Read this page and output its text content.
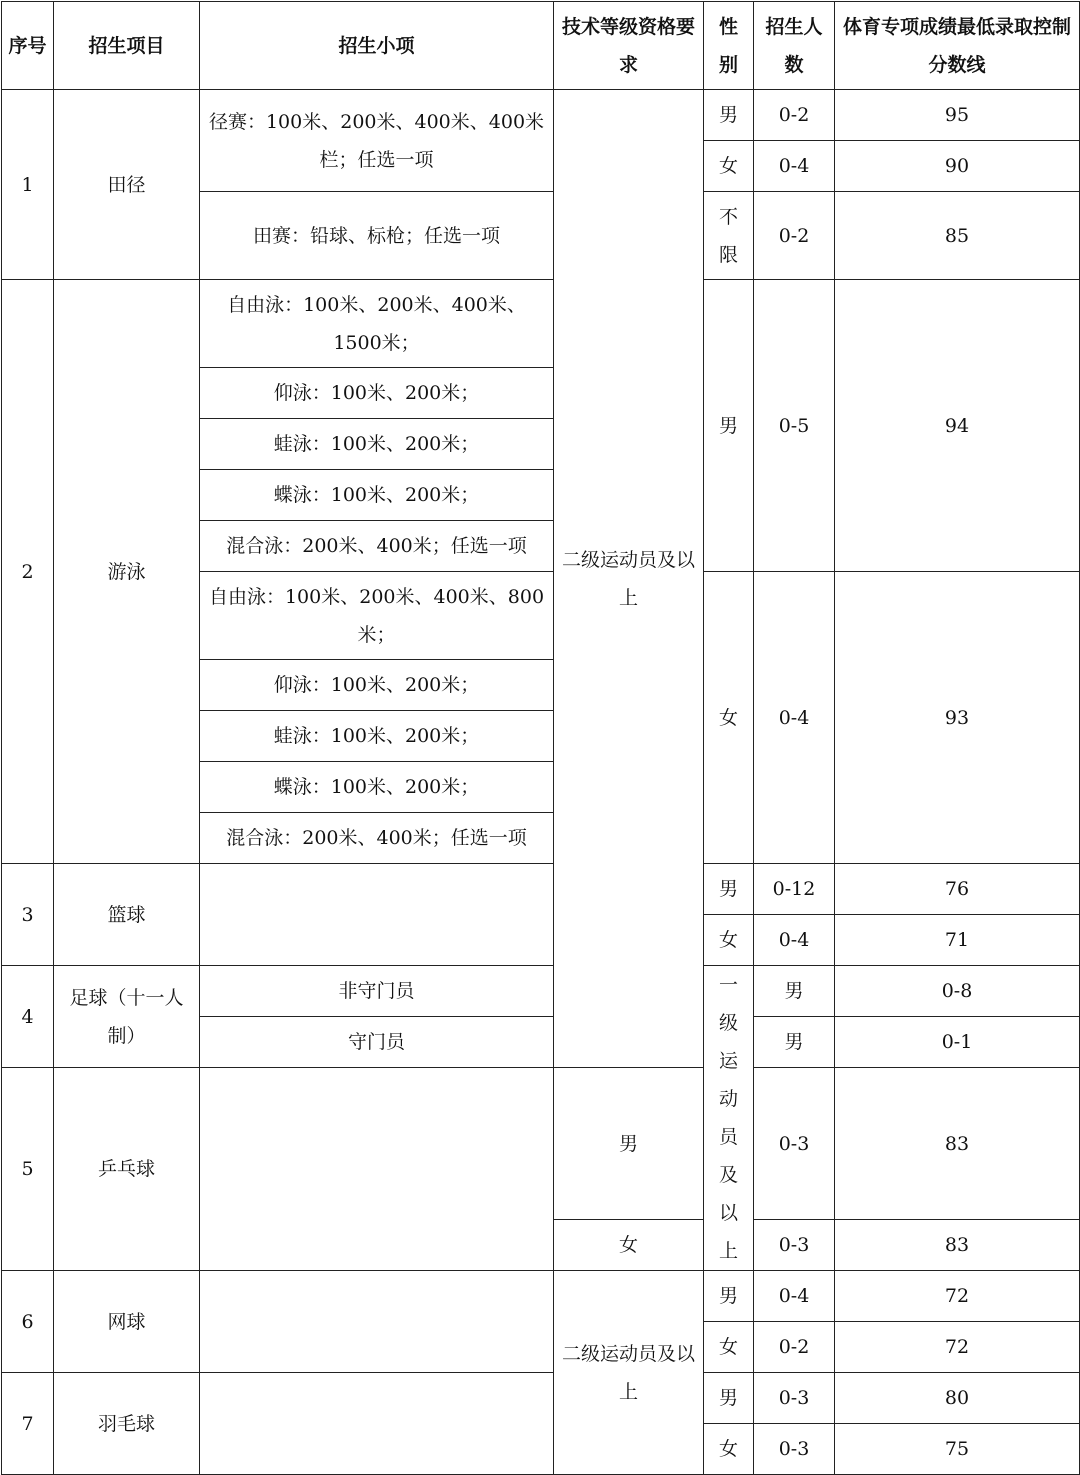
序号	招生项目	招生小项	技术等级资格要求	性别	招生人数	体育专项成绩最低录取控制分数线	
1	田径	径赛：100米、200米、400米、400米栏；任选一项	二级运动员及以上	男	0-2	95	
				女	0-4	90	
		田赛：铅球、标枪；任选一项		不限	0-2	85	
2	游泳	自由泳：100米、200米、400米、1500米；		男	0-5	94	
		仰泳：100米、200米；					
		蛙泳：100米、200米；					
		蝶泳：100米、200米；					
		混合泳：200米、400米；任选一项					
		自由泳：100米、200米、400米、800米；		女	0-4	93	
		仰泳：100米、200米；					
		蛙泳：100米、200米；					
		蝶泳：100米、200米；					
		混合泳：200米、400米；任选一项					
3	篮球			男	0-12	76	
				女	0-4	71	
4	足球（十一人制）	非守门员		一级运动员及以上	男	0-8	
		守门员			男	0-1	
5	乒乓球		男		0-3	83	
			女		0-3	83	
6	网球		二级运动员及以上	男	0-4	72	
				女	0-2	72	
7	羽毛球			男	0-3	80	
				女	0-3	75	
